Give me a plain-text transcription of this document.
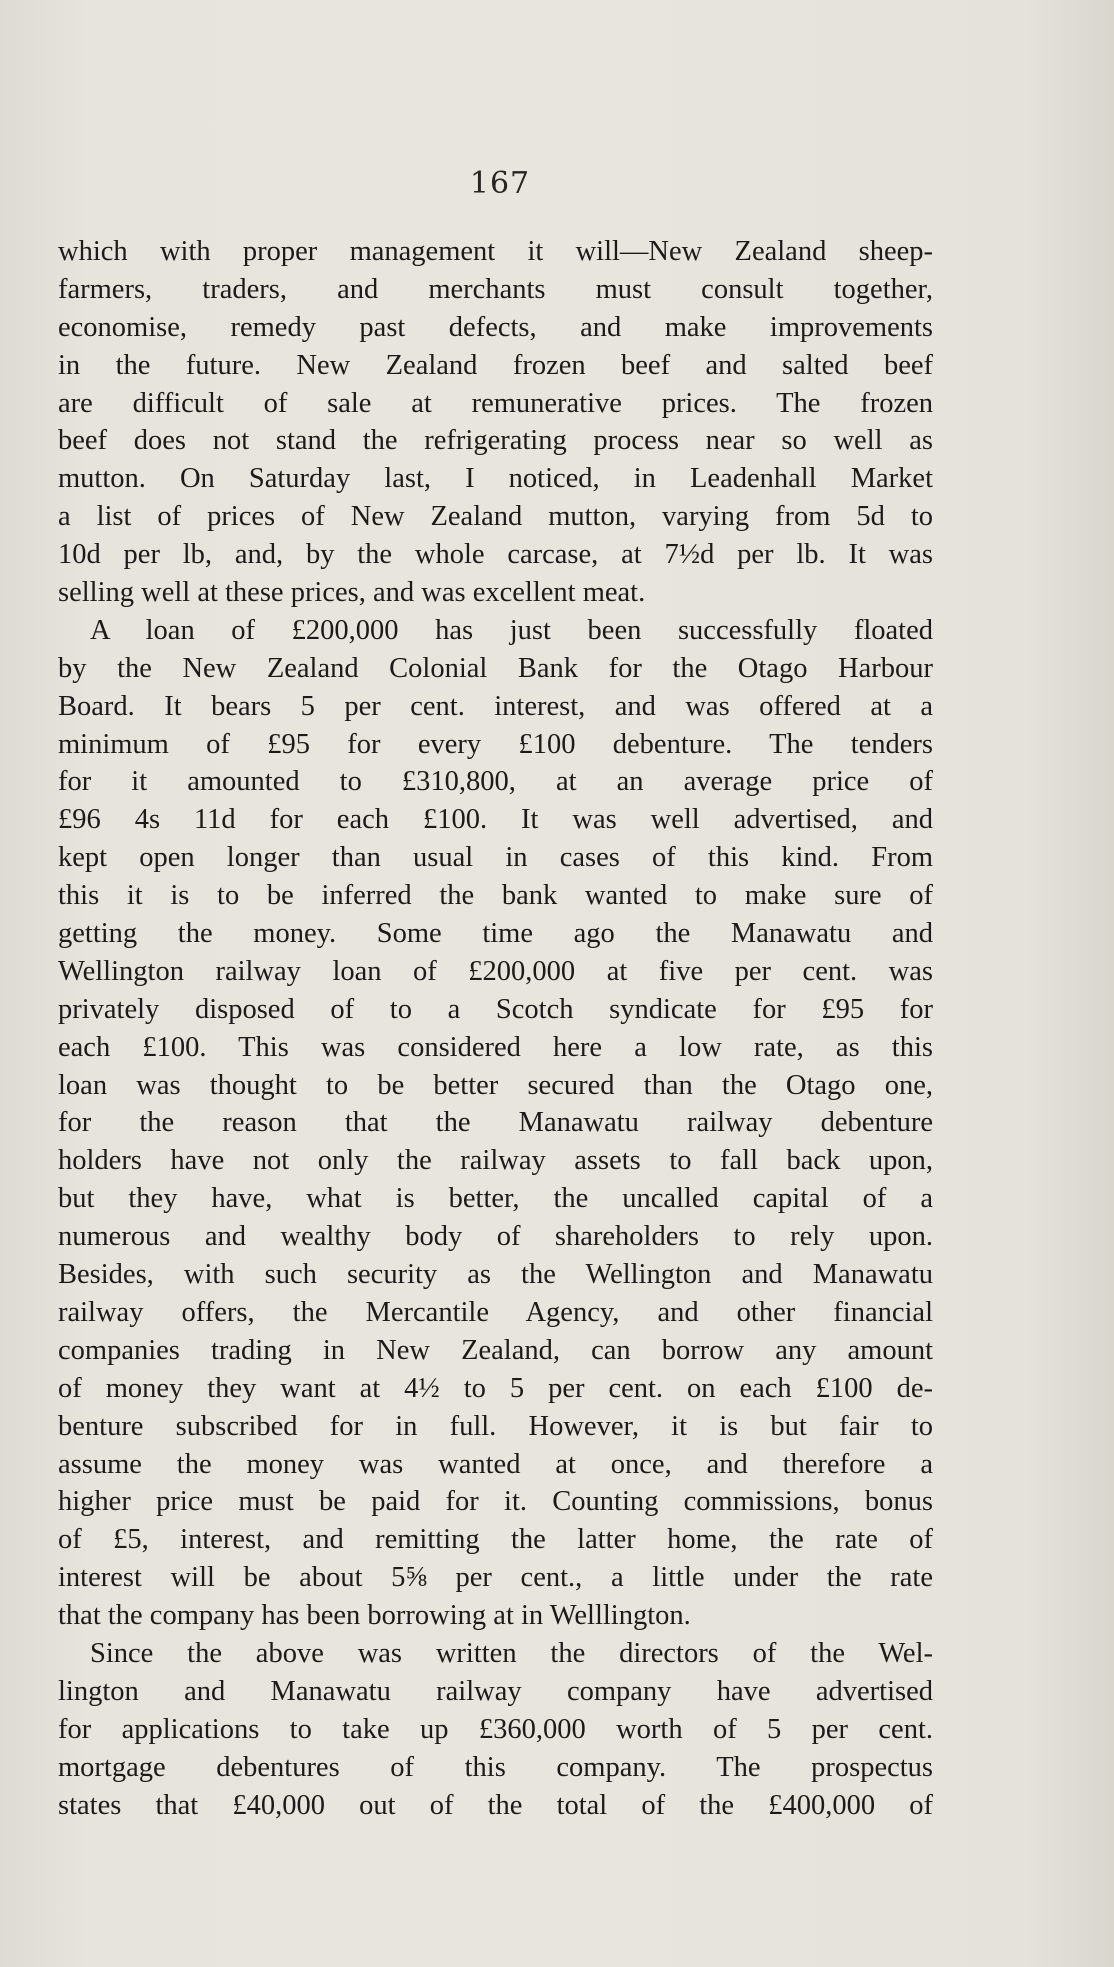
167
which with proper management it will—New Zealand sheep-
farmers, traders, and merchants must consult together,
economise, remedy past defects, and make improvements
in the future. New Zealand frozen beef and salted beef
are difficult of sale at remunerative prices. The frozen
beef does not stand the refrigerating process near so well as
mutton. On Saturday last, I noticed, in Leadenhall Market
a list of prices of New Zealand mutton, varying from 5d to
10d per lb, and, by the whole carcase, at 7½d per lb. It was
selling well at these prices, and was excellent meat.
A loan of £200,000 has just been successfully floated
by the New Zealand Colonial Bank for the Otago Harbour
Board. It bears 5 per cent. interest, and was offered at a
minimum of £95 for every £100 debenture. The tenders
for it amounted to £310,800, at an average price of
£96 4s 11d for each £100. It was well advertised, and
kept open longer than usual in cases of this kind. From
this it is to be inferred the bank wanted to make sure of
getting the money. Some time ago the Manawatu and
Wellington railway loan of £200,000 at five per cent. was
privately disposed of to a Scotch syndicate for £95 for
each £100. This was considered here a low rate, as this
loan was thought to be better secured than the Otago one,
for the reason that the Manawatu railway debenture
holders have not only the railway assets to fall back upon,
but they have, what is better, the uncalled capital of a
numerous and wealthy body of shareholders to rely upon.
Besides, with such security as the Wellington and Manawatu
railway offers, the Mercantile Agency, and other financial
companies trading in New Zealand, can borrow any amount
of money they want at 4½ to 5 per cent. on each £100 de-
benture subscribed for in full. However, it is but fair to
assume the money was wanted at once, and therefore a
higher price must be paid for it. Counting commissions, bonus
of £5, interest, and remitting the latter home, the rate of
interest will be about 5⅝ per cent., a little under the rate
that the company has been borrowing at in Welllington.
Since the above was written the directors of the Wel-
lington and Manawatu railway company have advertised
for applications to take up £360,000 worth of 5 per cent.
mortgage debentures of this company. The prospectus
states that £40,000 out of the total of the £400,000 of
